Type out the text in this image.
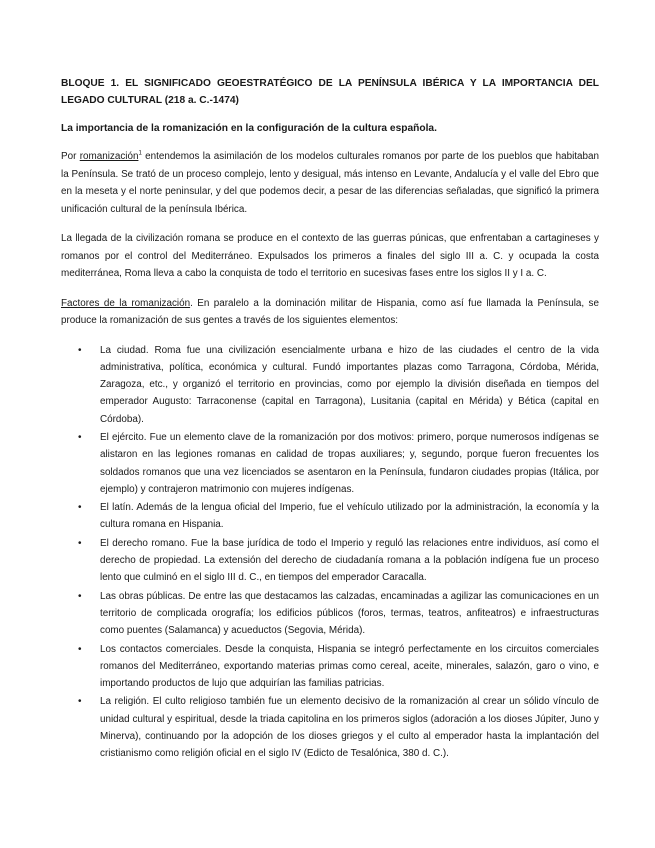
BLOQUE 1. EL SIGNIFICADO GEOESTRATÉGICO DE LA PENÍNSULA IBÉRICA Y LA IMPORTANCIA DEL LEGADO CULTURAL (218 a. C.-1474)
La importancia de la romanización en la configuración de la cultura española.

Por romanización$^1$ entendemos la asimilación de los modelos culturales romanos por parte de los pueblos que habitaban la Península. Se trató de un proceso complejo, lento y desigual, más intenso en Levante, Andalucía y el valle del Ebro que en la meseta y el norte peninsular, y del que podemos decir, a pesar de las diferencias señaladas, que significó la primera unificación cultural de la península Ibérica.

La llegada de la civilización romana se produce en el contexto de las guerras púnicas, que enfrentaban a cartagineses y romanos por el control del Mediterráneo. Expulsados los primeros a finales del siglo III a. C. y ocupada la costa mediterránea, Roma lleva a cabo la conquista de todo el territorio en sucesivas fases entre los siglos II y I a. C.

Factores de la romanización. En paralelo a la dominación militar de Hispania, como así fue llamada la Península, se produce la romanización de sus gentes a través de los siguientes elementos:

• La ciudad. Roma fue una civilización esencialmente urbana e hizo de las ciudades el centro de la vida administrativa, política, económica y cultural. Fundó importantes plazas como Tarragona, Córdoba, Mérida, Zaragoza, etc., y organizó el territorio en provincias, como por ejemplo la división diseñada en tiempos del emperador Augusto: Tarraconense (capital en Tarragona), Lusitania (capital en Mérida) y Bética (capital en Córdoba).
• El ejército. Fue un elemento clave de la romanización por dos motivos: primero, porque numerosos indígenas se alistaron en las legiones romanas en calidad de tropas auxiliares; y, segundo, porque fueron frecuentes los soldados romanos que una vez licenciados se asentaron en la Península, fundaron ciudades propias (Itálica, por ejemplo) y contrajeron matrimonio con mujeres indígenas.
• El latín. Además de la lengua oficial del Imperio, fue el vehículo utilizado por la administración, la economía y la cultura romana en Hispania.
• El derecho romano. Fue la base jurídica de todo el Imperio y reguló las relaciones entre individuos, así como el derecho de propiedad. La extensión del derecho de ciudadanía romana a la población indígena fue un proceso lento que culminó en el siglo III d. C., en tiempos del emperador Caracalla.
• Las obras públicas. De entre las que destacamos las calzadas, encaminadas a agilizar las comunicaciones en un territorio de complicada orografía; los edificios públicos (foros, termas, teatros, anfiteatros) e infraestructuras como puentes (Salamanca) y acueductos (Segovia, Mérida).
• Los contactos comerciales. Desde la conquista, Hispania se integró perfectamente en los circuitos comerciales romanos del Mediterráneo, exportando materias primas como cereal, aceite, minerales, salazón, garo o vino, e importando productos de lujo que adquirían las familias patricias.
• La religión. El culto religioso también fue un elemento decisivo de la romanización al crear un sólido vínculo de unidad cultural y espiritual, desde la triada capitolina en los primeros siglos (adoración a los dioses Júpiter, Juno y Minerva), continuando por la adopción de los dioses griegos y el culto al emperador hasta la implantación del cristianismo como religión oficial en el siglo IV (Edicto de Tesalónica, 380 d. C.).
